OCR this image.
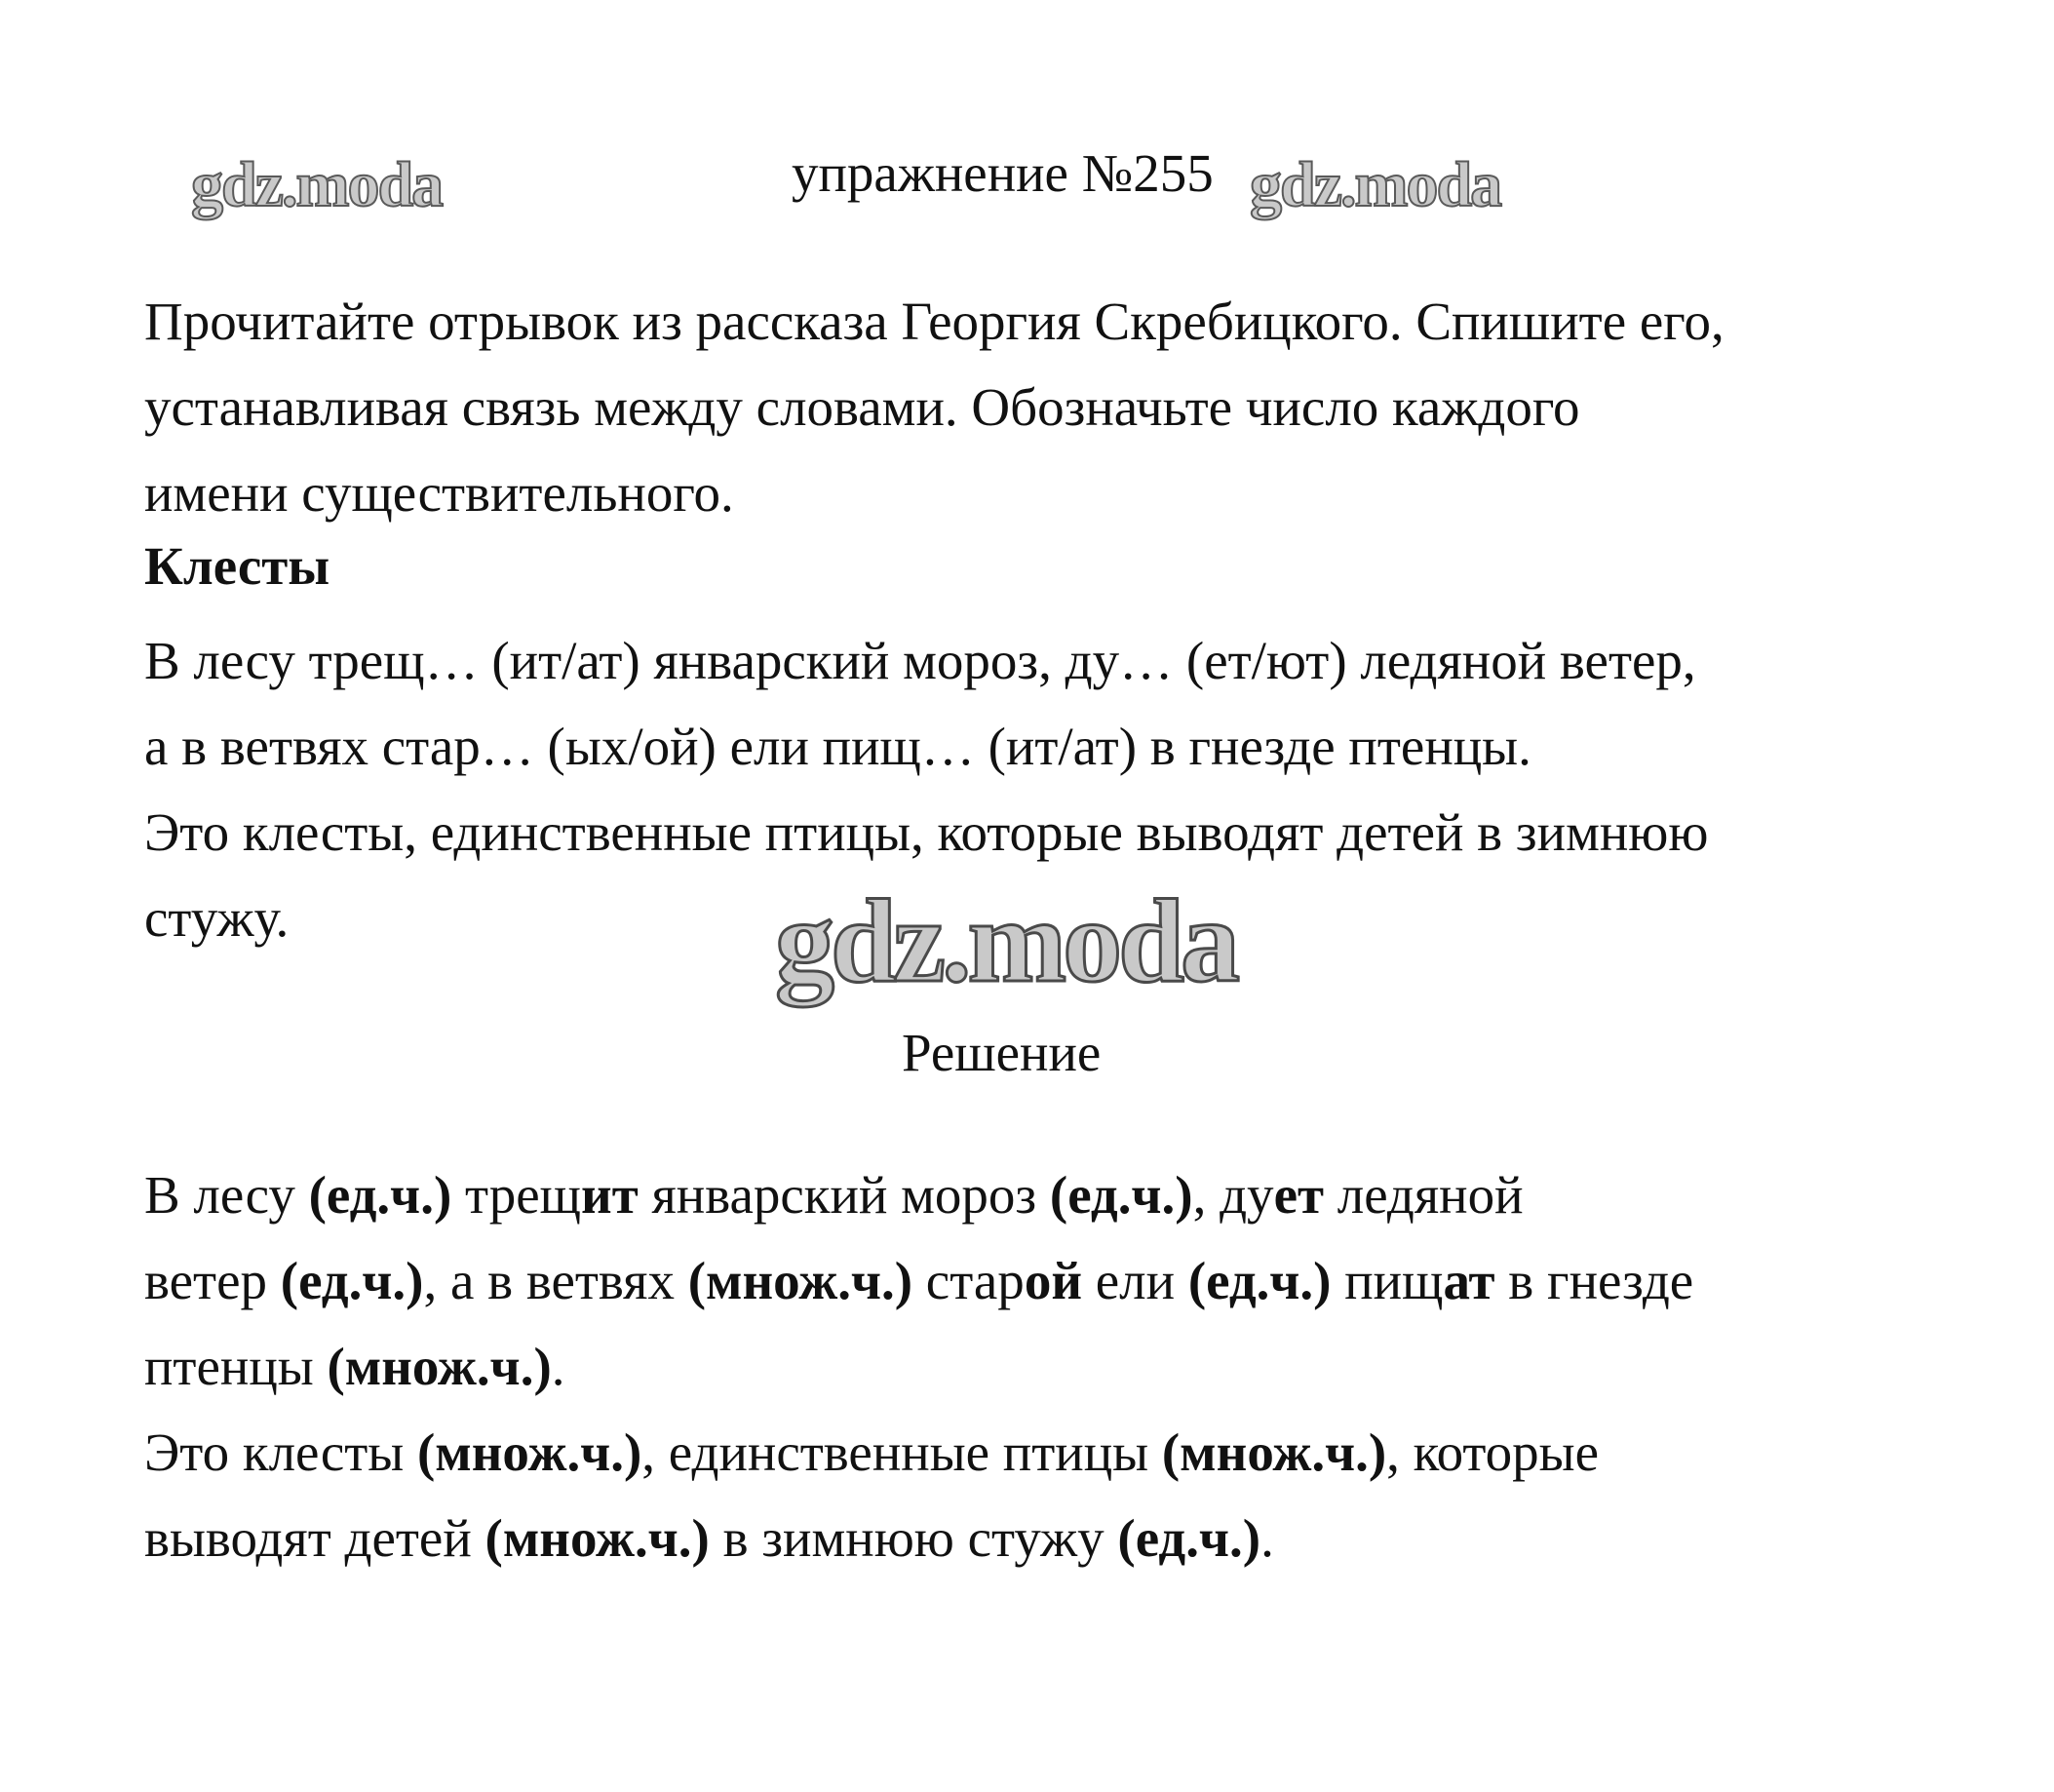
gdz.moda	упражнение №255 gdz.moda
Прочитайте отрывок из рассказа Георгия Скребицкого. Спишите его,
устанавливая связь между словами. Обозначьте число каждого
имени существительного.
Клесты
В лесу трещ… (ит/ат) январский мороз, ду… (ет/ют) ледяной ветер,
а в ветвях стар… (ых/ой) ели пищ… (ит/ат) в гнезде птенцы.
Это клесты, единственные птицы, которые выводят детей в зимнюю
стужу.	gdz.moda
Решение
В лесу (ед.ч.) трещит январский мороз (ед.ч.), дует ледяной
ветер (ед.ч.), а в ветвях (множ.ч.) старой ели (ед.ч.) пищат в гнезде
птенцы (множ.ч.).
Это клесты (множ.ч.), единственные птицы (множ.ч.), которые
выводят детей (множ.ч.) в зимнюю стужу (ед.ч.).
